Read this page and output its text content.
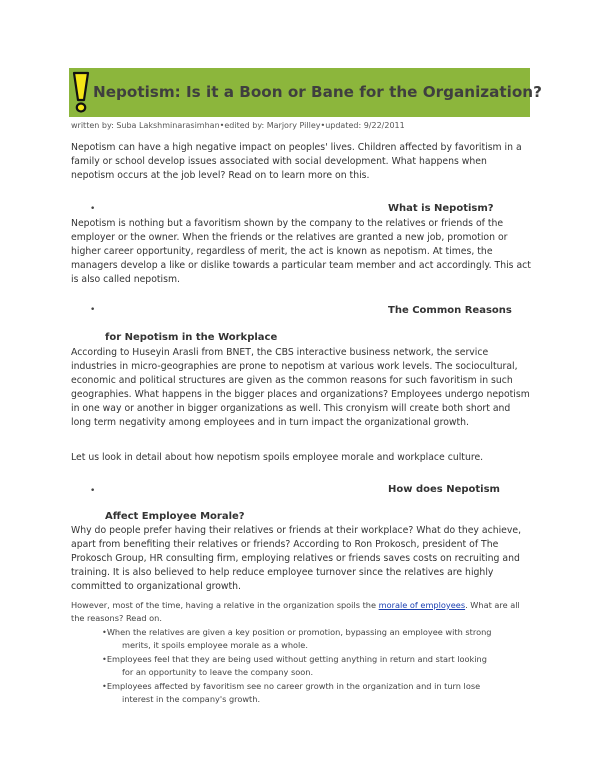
Nepotism: Is it a Boon or Bane for the Organization?
written by: Suba Lakshminarasimhan•edited by: Marjory Pilley•updated: 9/22/2011

Nepotism can have a high negative impact on peoples' lives. Children affected by favoritism in a family or school develop issues associated with social development. What happens when nepotism occurs at the job level? Read on to learn more on this.

•	What is Nepotism?

Nepotism is nothing but a favoritism shown by the company to the relatives or friends of the employer or the owner. When the friends or the relatives are granted a new job, promotion or higher career opportunity, regardless of merit, the act is known as nepotism. At times, the managers develop a like or dislike towards a particular team member and act accordingly. This act is also called nepotism.

•	The Common Reasons
for Nepotism in the Workplace

According to Huseyin Arasli from BNET, the CBS interactive business network, the service industries in micro-geographies are prone to nepotism at various work levels. The sociocultural, economic and political structures are given as the common reasons for such favoritism in such geographies. What happens in the bigger places and organizations? Employees undergo nepotism in one way or another in bigger organizations as well. This cronyism will create both short and long term negativity among employees and in turn impact the organizational growth.

Let us look in detail about how nepotism spoils employee morale and workplace culture.

•	How does Nepotism
Affect Employee Morale?

Why do people prefer having their relatives or friends at their workplace? What do they achieve, apart from benefiting their relatives or friends? According to Ron Prokosch, president of The Prokosch Group, HR consulting firm, employing relatives or friends saves costs on recruiting and training. It is also believed to help reduce employee turnover since the relatives are highly committed to organizational growth.

However, most of the time, having a relative in the organization spoils the morale of employees. What are all the reasons? Read on.

•When the relatives are given a key position or promotion, bypassing an employee with strong
merits, it spoils employee morale as a whole.
•Employees feel that they are being used without getting anything in return and start looking
for an opportunity to leave the company soon.
•Employees affected by favoritism see no career growth in the organization and in turn lose
interest in the company's growth.
